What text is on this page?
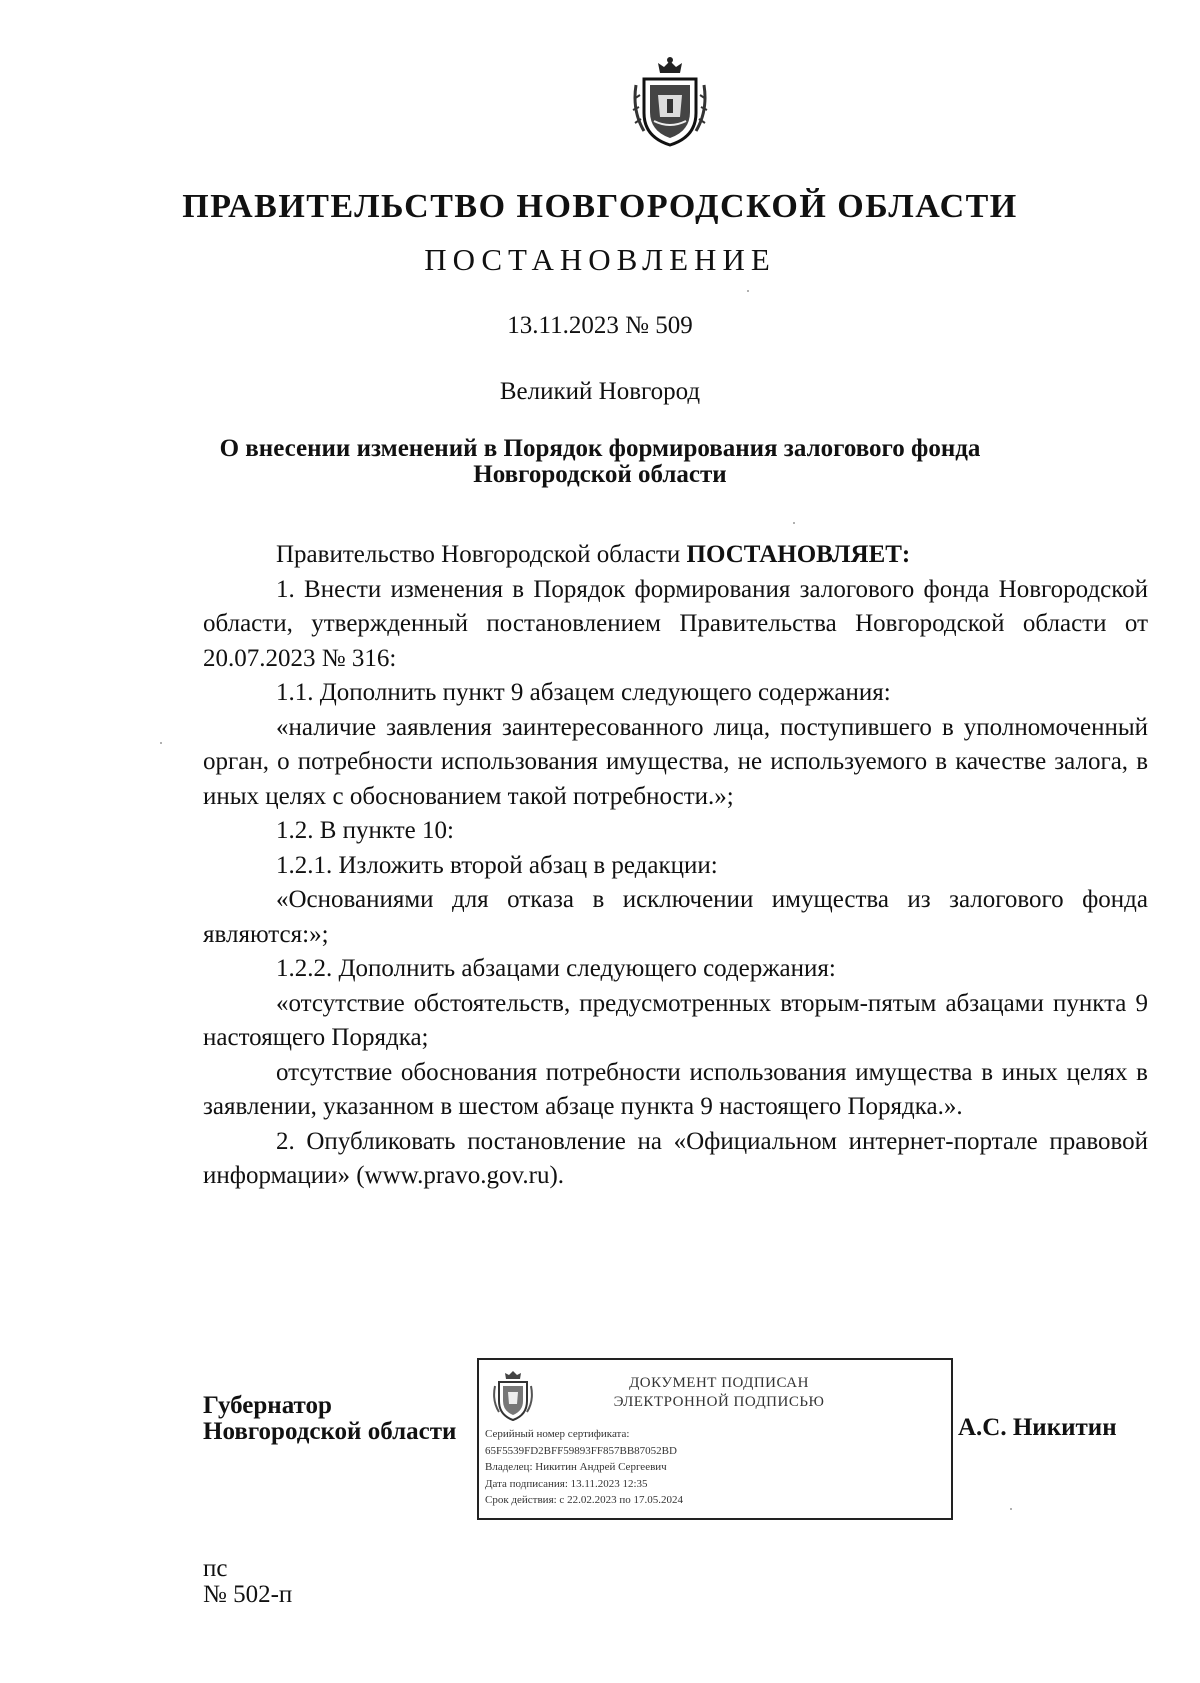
ПРАВИТЕЛЬСТВО НОВГОРОДСКОЙ ОБЛАСТИ
ПОСТАНОВЛЕНИЕ
13.11.2023 № 509
Великий Новгород
О внесении изменений в Порядок формирования залогового фонда
Новгородской области

Правительство Новгородской области ПОСТАНОВЛЯЕТ:

1. Внести изменения в Порядок формирования залогового фонда Новгородской области, утвержденный постановлением Правительства Новгородской области от 20.07.2023 № 316:

1.1. Дополнить пункт 9 абзацем следующего содержания:

«наличие заявления заинтересованного лица, поступившего в уполномоченный орган, о потребности использования имущества, не используемого в качестве залога, в иных целях с обоснованием такой потребности.»;

1.2. В пункте 10:

1.2.1. Изложить второй абзац в редакции:

«Основаниями для отказа в исключении имущества из залогового фонда являются:»;

1.2.2. Дополнить абзацами следующего содержания:

«отсутствие обстоятельств, предусмотренных вторым-пятым абзацами пункта 9 настоящего Порядка;

отсутствие обоснования потребности использования имущества в иных целях в заявлении, указанном в шестом абзаце пункта 9 настоящего Порядка.».

2. Опубликовать постановление на «Официальном интернет-портале правовой информации» (www.pravo.gov.ru).

Губернатор
Новгородской области
ДОКУМЕНТ ПОДПИСАН
ЭЛЕКТРОННОЙ ПОДПИСЬЮ
Серийный номер сертификата:
65F5539FD2BFF59893FF857BB87052BD
Владелец: Никитин Андрей Сергеевич
Дата подписания: 13.11.2023 12:35
Срок действия: с 22.02.2023 по 17.05.2024
А.С. Никитин
пс
№ 502-п
